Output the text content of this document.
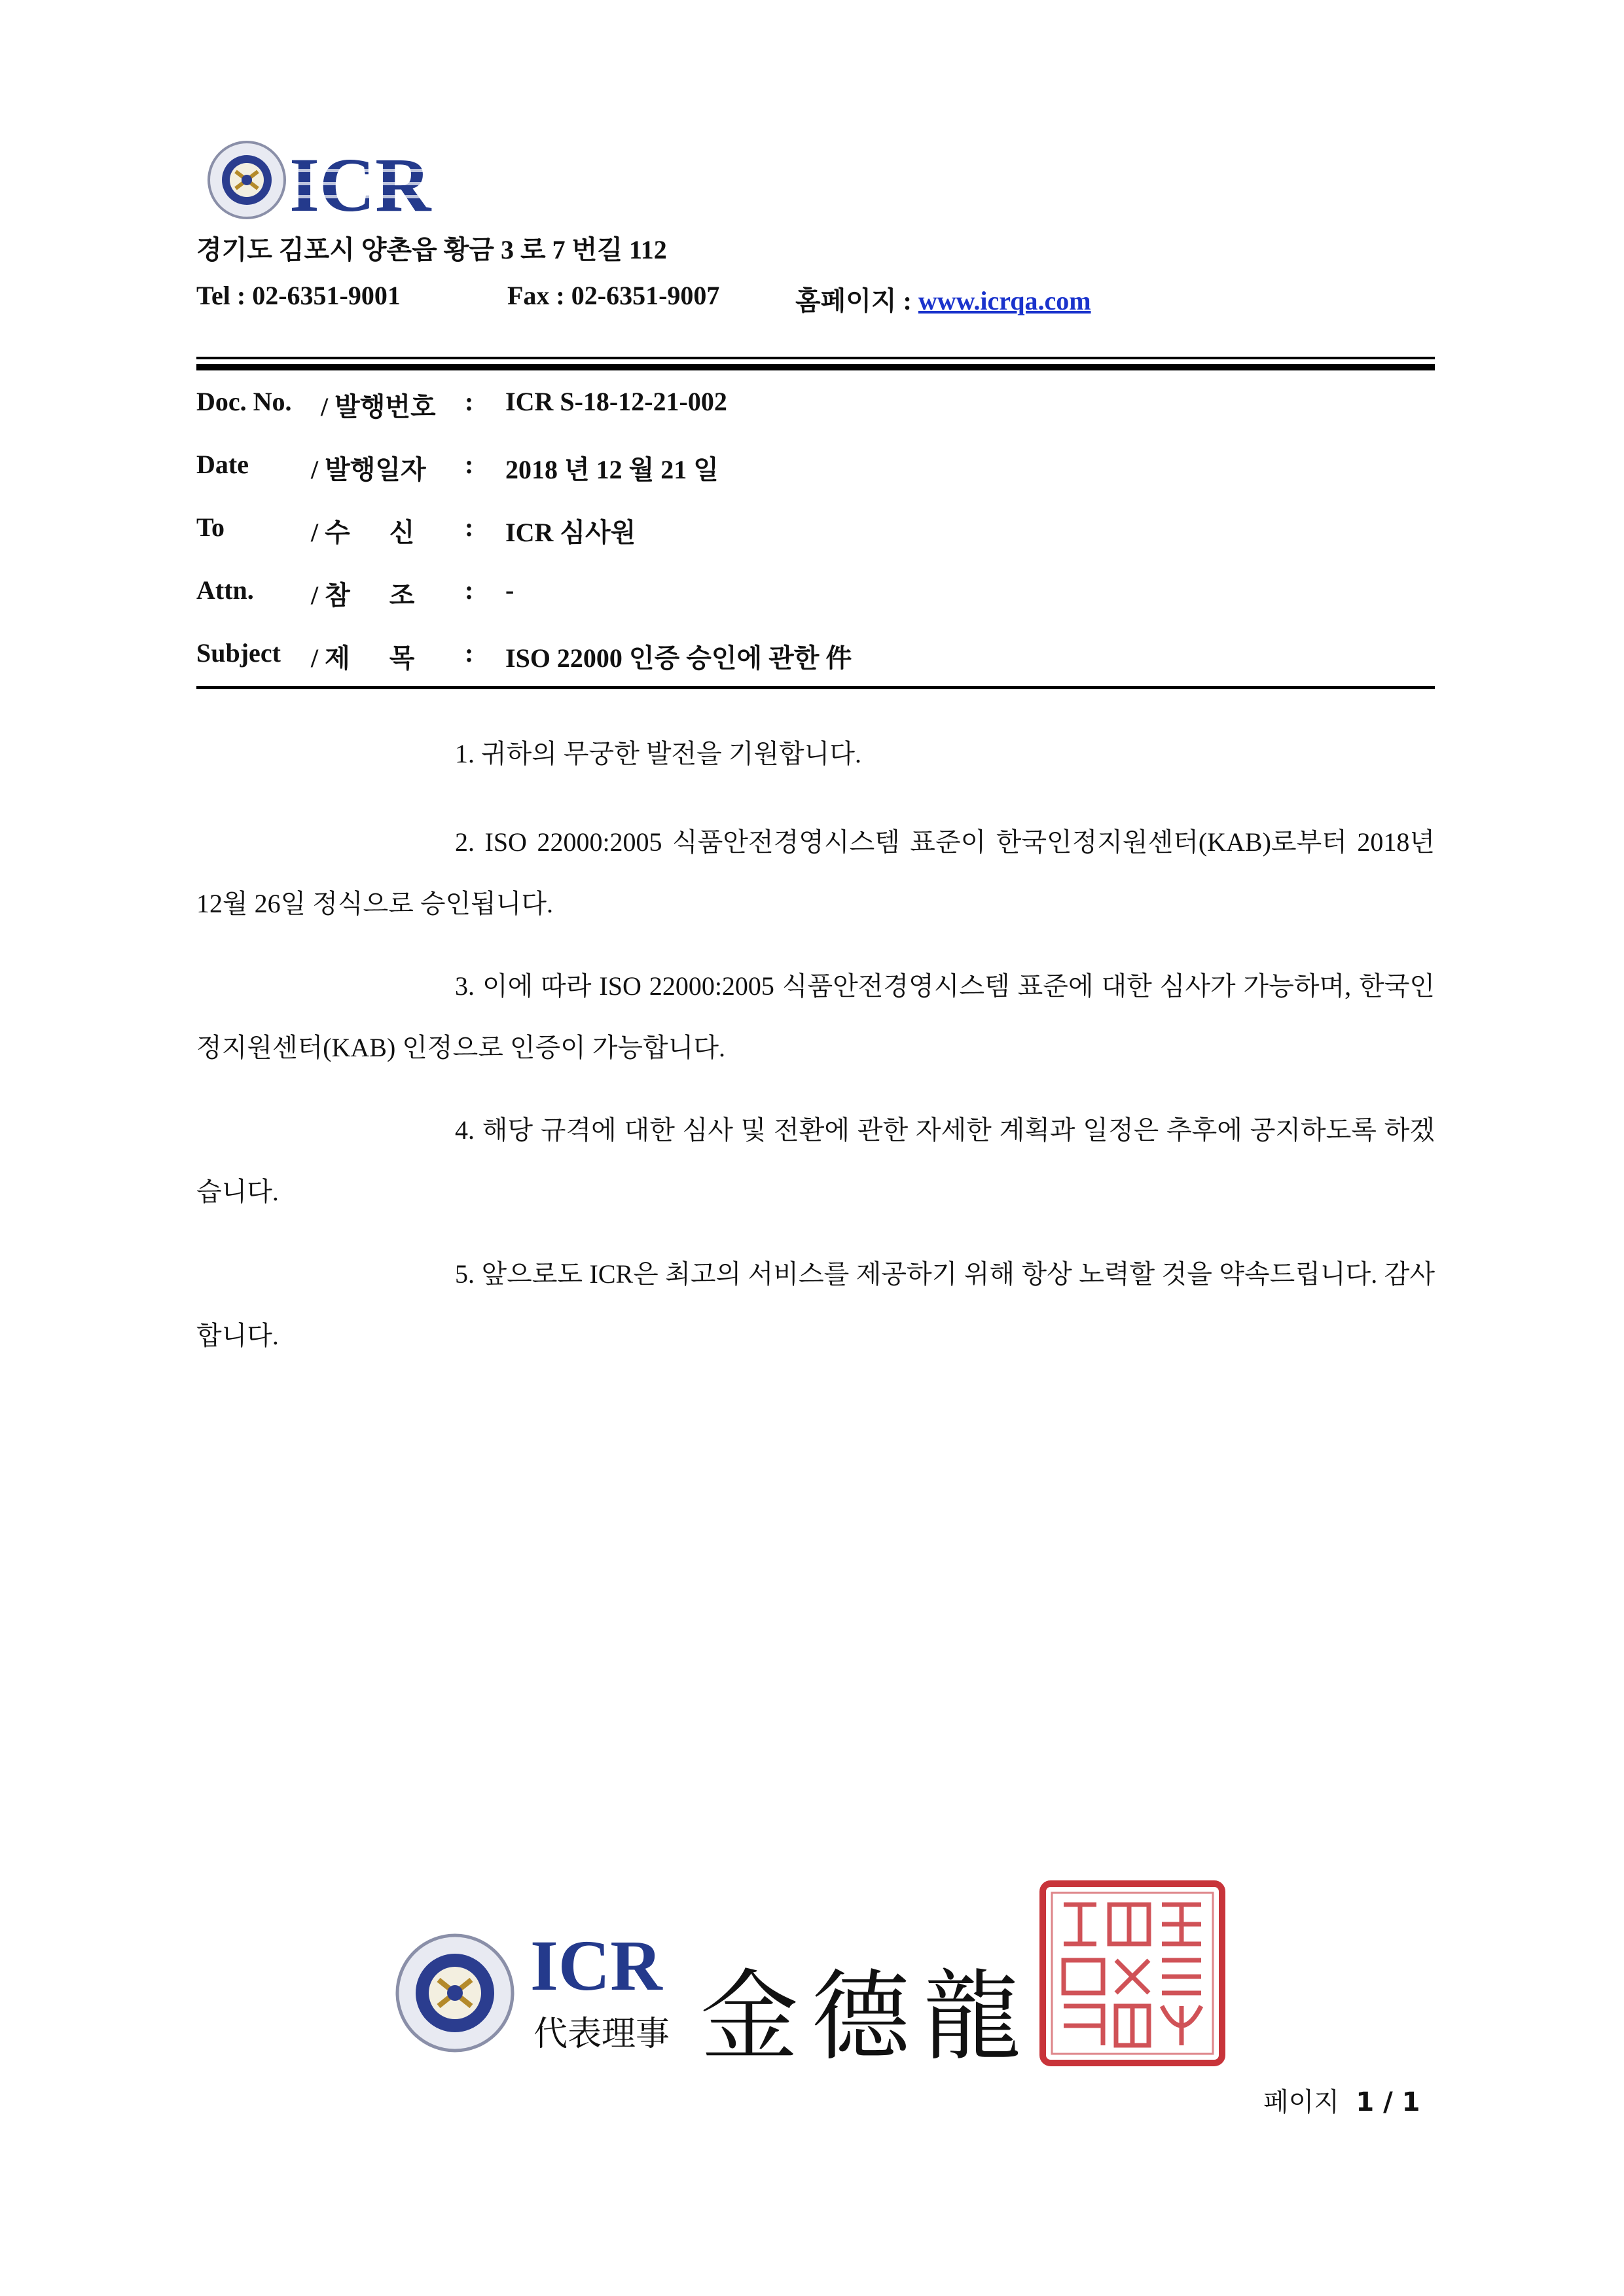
경기도 김포시 양촌읍 황금 3 로 7 번길 112
Tel : 02-6351-9001	Fax : 02-6351-9007	홈페이지 : www.icrqa.com
Doc. No. / 발행번호 : ICR S-18-12-21-002
Date / 발행일자 : 2018 년 12 월 21 일
To	/ 수      신 : ICR 심사원
Attn. / 참      조 : -
Subject / 제      목 : ISO 22000 인증 승인에 관한 件
1. 귀하의 무궁한 발전을 기원합니다.
2. ISO 22000:2005 식품안전경영시스템 표준이 한국인정지원센터(KAB)로부터 2018년 12월 26일 정식으로 승인됩니다.
3. 이에 따라 ISO 22000:2005 식품안전경영시스템 표준에 대한 심사가 가능하며, 한국인정지원센터(KAB) 인정으로 인증이 가능합니다.
4. 해당 규격에 대한 심사 및 전환에 관한 자세한 계획과 일정은 추후에 공지하도록 하겠습니다.
5. 앞으로도 ICR은 최고의 서비스를 제공하기 위해 항상 노력할 것을 약속드립니다. 감사합니다.
ICR
代表理事 金德龍
페이지 1 / 1
